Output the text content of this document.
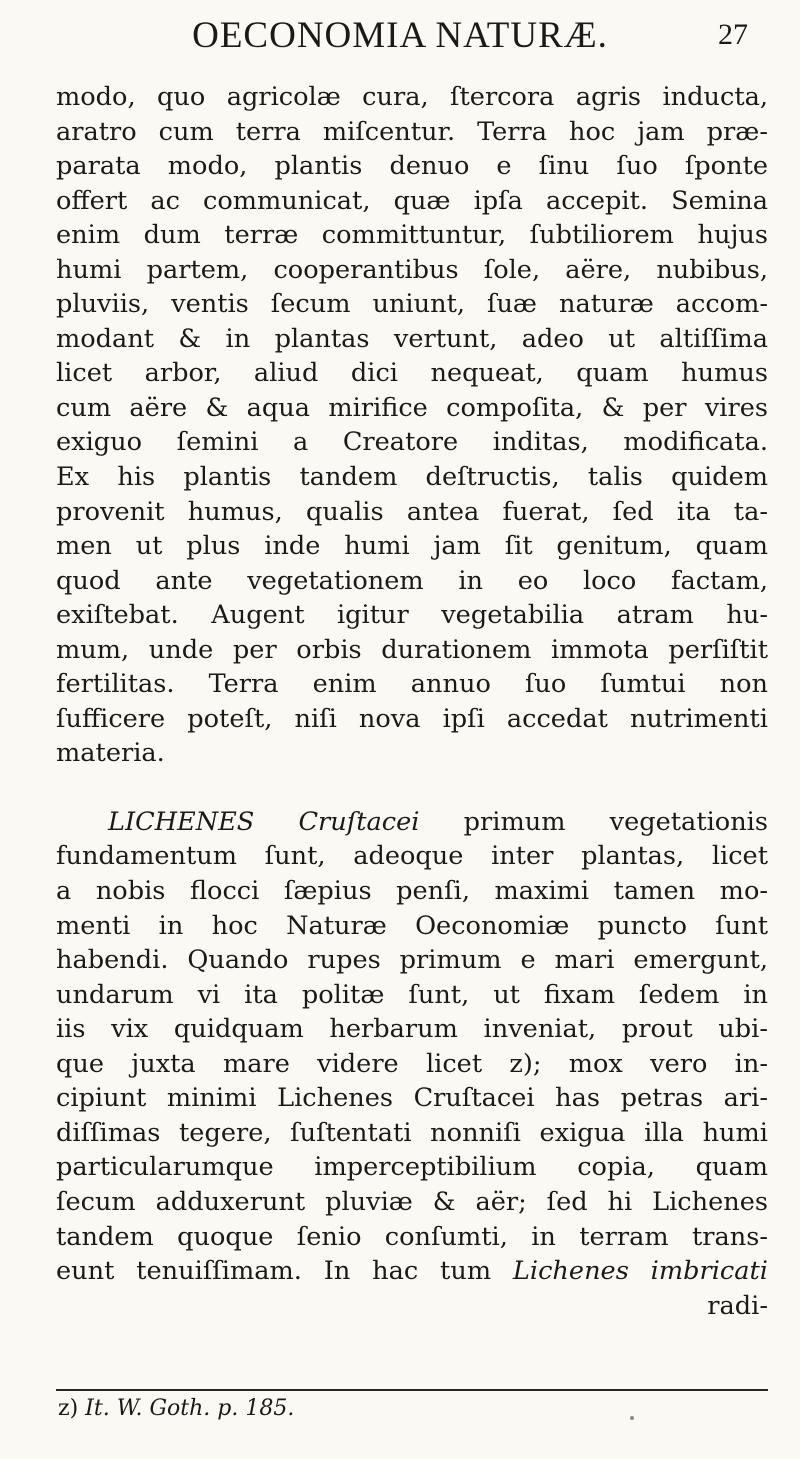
OECONOMIA NATURÆ.	27
modo, quo agricolæ cura, ſtercora agris inducta,
aratro cum terra miſcentur. Terra hoc jam præ-
parata modo, plantis denuo e ſinu ſuo ſponte
offert ac communicat, quæ ipſa accepit. Semina
enim dum terræ committuntur, ſubtiliorem hujus
humi partem, cooperantibus ſole, aëre, nubibus,
pluviis, ventis ſecum uniunt, ſuæ naturæ accom-
modant & in plantas vertunt, adeo ut altiſſima
licet arbor, aliud dici nequeat, quam humus
cum aëre & aqua mirifice compoſita, & per vires
exiguo ſemini a Creatore inditas, modificata.
Ex his plantis tandem deſtructis, talis quidem
provenit humus, qualis antea fuerat, ſed ita ta-
men ut plus inde humi jam ſit genitum, quam
quod ante vegetationem in eo loco factam,
exiſtebat. Augent igitur vegetabilia atram hu-
mum, unde per orbis durationem immota perſiſtit
fertilitas. Terra enim annuo ſuo ſumtui non
ſufficere poteſt, niſi nova ipſi accedat nutrimenti
materia.
LICHENES Cruſtacei primum vegetationis
fundamentum ſunt, adeoque inter plantas, licet
a nobis flocci ſæpius penſi, maximi tamen mo-
menti in hoc Naturæ Oeconomiæ puncto ſunt
habendi. Quando rupes primum e mari emergunt,
undarum vi ita politæ ſunt, ut fixam ſedem in
iis vix quidquam herbarum inveniat, prout ubi-
que juxta mare videre licet z); mox vero in-
cipiunt minimi Lichenes Cruſtacei has petras ari-
diſſimas tegere, ſuſtentati nonniſi exigua illa humi
particularumque imperceptibilium copia, quam
ſecum adduxerunt pluviæ & aër; ſed hi Lichenes
tandem quoque ſenio conſumti, in terram trans-
eunt tenuiſſimam. In hac tum Lichenes imbricati
radi-
z) It. W. Goth. p. 185.
